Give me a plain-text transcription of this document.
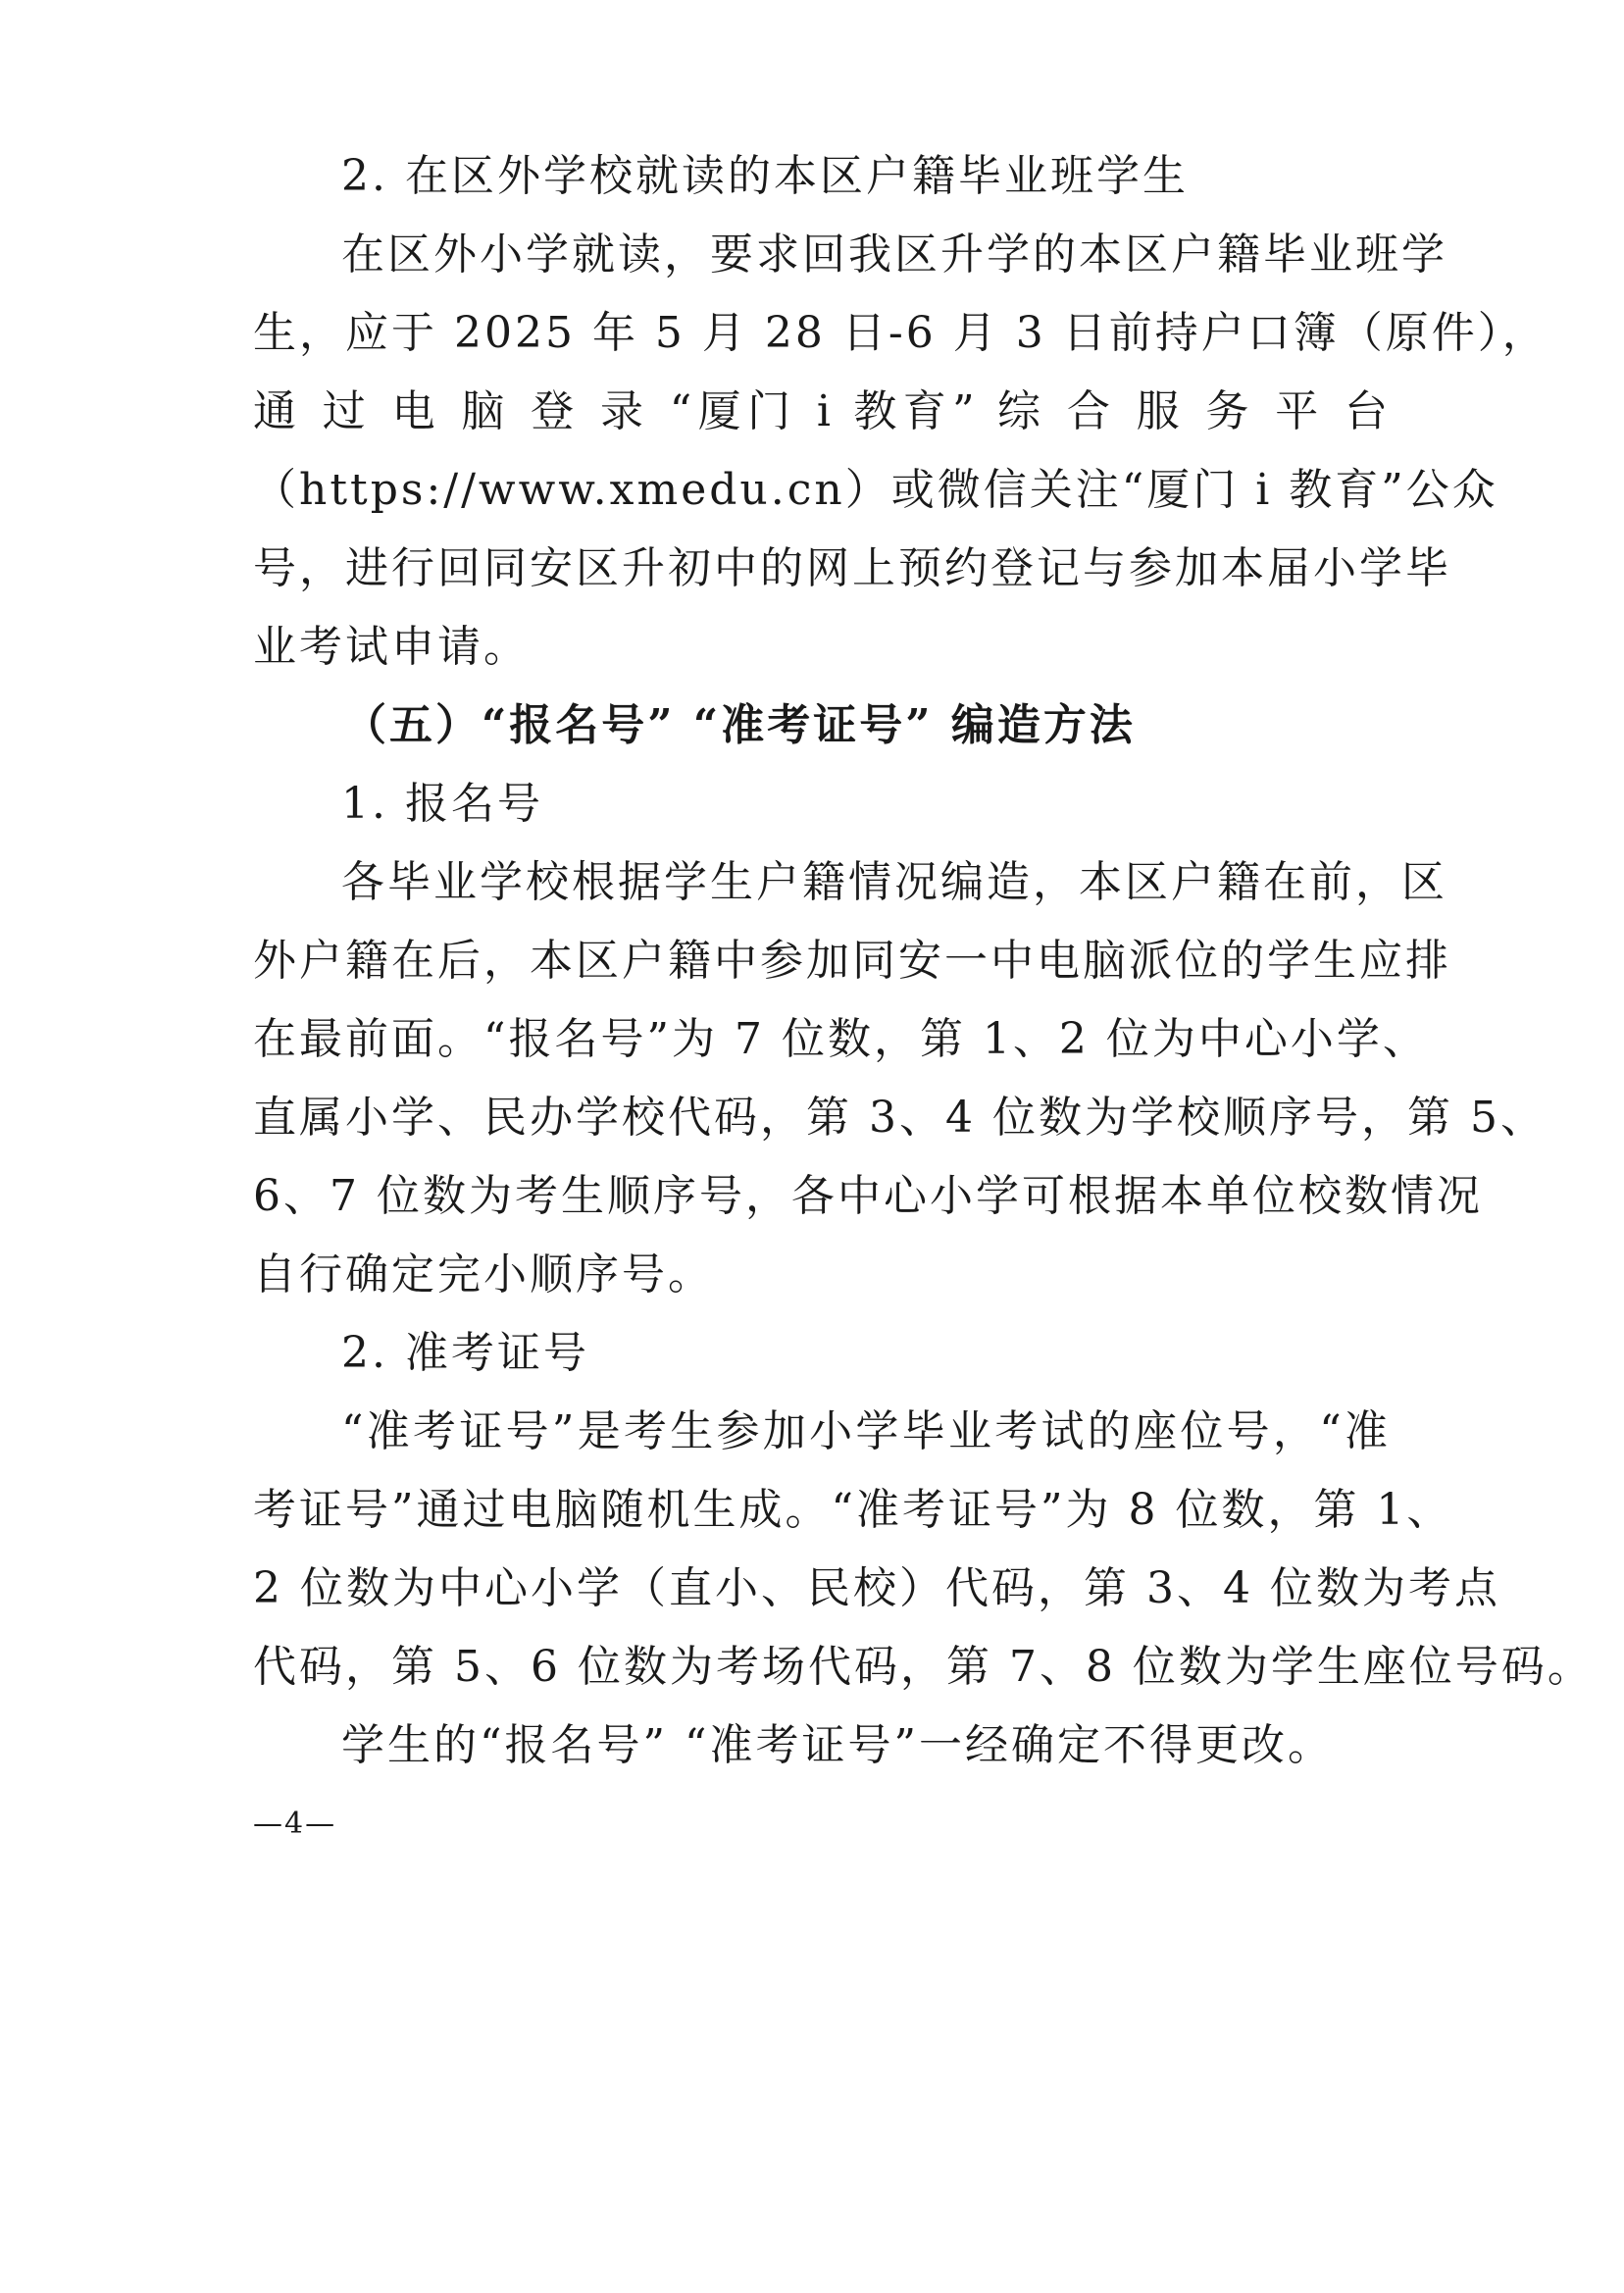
2. 在区外学校就读的本区户籍毕业班学生
在区外小学就读，要求回我区升学的本区户籍毕业班学
生，应于 2025 年 5 月 28 日-6 月 3 日前持户口簿（原件），
通 过 电 脑 登 录 “厦门 i 教育” 综 合 服 务 平 台
（https://www.xmedu.cn）或微信关注“厦门 i 教育”公众
号，进行回同安区升初中的网上预约登记与参加本届小学毕
业考试申请。
（五）“报名号” “准考证号” 编造方法
1. 报名号
各毕业学校根据学生户籍情况编造，本区户籍在前，区
外户籍在后，本区户籍中参加同安一中电脑派位的学生应排
在最前面。“报名号”为 7 位数，第 1、2 位为中心小学、
直属小学、民办学校代码，第 3、4 位数为学校顺序号，第 5、
6、7 位数为考生顺序号，各中心小学可根据本单位校数情况
自行确定完小顺序号。
2. 准考证号
“准考证号”是考生参加小学毕业考试的座位号，“准
考证号”通过电脑随机生成。“准考证号”为 8 位数，第 1、
2 位数为中心小学（直小、民校）代码，第 3、4 位数为考点
代码，第 5、6 位数为考场代码，第 7、8 位数为学生座位号码。
学生的“报名号” “准考证号”一经确定不得更改。
—4—
